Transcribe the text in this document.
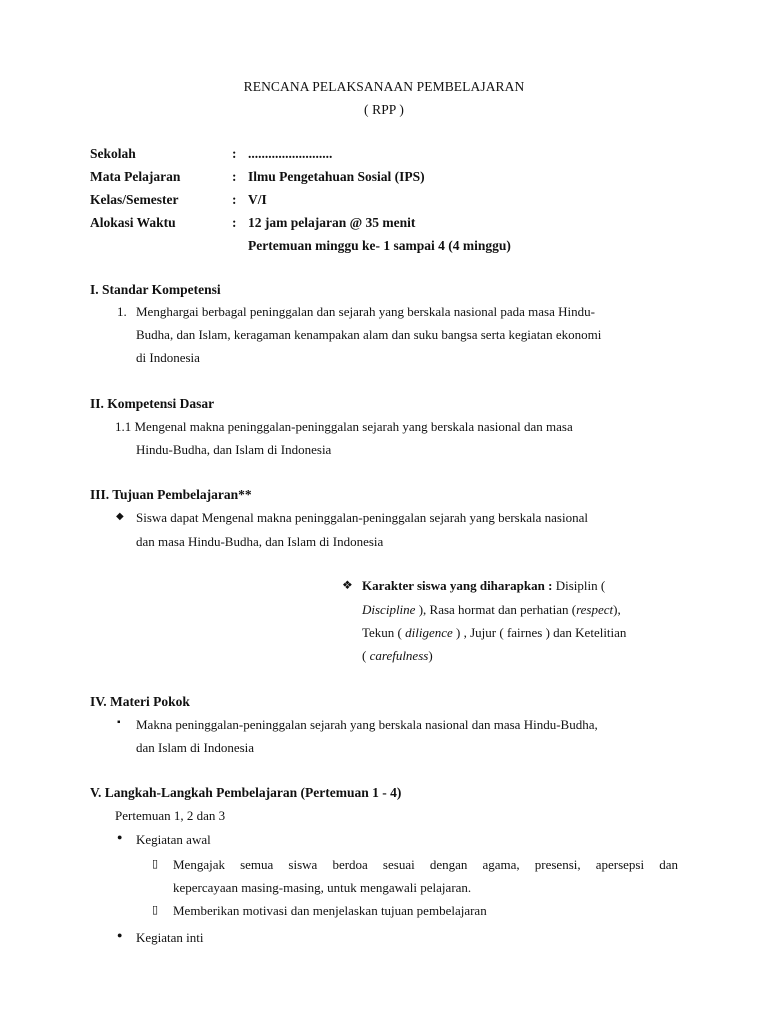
RENCANA PELAKSANAAN PEMBELAJARAN
( RPP )
Sekolah	: .........................
Mata Pelajaran	: Ilmu Pengetahuan Sosial (IPS)
Kelas/Semester	: V/I
Alokasi Waktu	: 12 jam pelajaran @ 35 menit
Pertemuan minggu ke- 1 sampai 4 (4 minggu)
I. Standar Kompetensi
1. Menghargai berbagal peninggalan dan sejarah yang berskala nasional pada masa Hindu-
Budha, dan Islam, keragaman kenampakan alam dan suku bangsa serta kegiatan ekonomi
di Indonesia
II. Kompetensi Dasar
1.1 Mengenal makna peninggalan-peninggalan sejarah yang berskala nasional dan masa
Hindu-Budha, dan Islam di Indonesia
III. Tujuan Pembelajaran**
◆ Siswa dapat Mengenal makna peninggalan-peninggalan sejarah yang berskala nasional
dan masa Hindu-Budha, dan Islam di Indonesia
❖ Karakter siswa yang diharapkan : Disiplin (
Discipline ), Rasa hormat dan perhatian (respect),
Tekun ( diligence ) , Jujur ( fairnes ) dan Ketelitian
( carefulness)
IV. Materi Pokok
▪ Makna peninggalan-peninggalan sejarah yang berskala nasional dan masa Hindu-Budha,
dan Islam di Indonesia
V. Langkah-Langkah Pembelajaran (Pertemuan 1 - 4)
Pertemuan 1, 2 dan 3
● Kegiatan awal
▯ Mengajak semua siswa berdoa sesuai dengan agama, presensi, apersepsi dan
kepercayaan masing-masing, untuk mengawali pelajaran.
▯ Memberikan motivasi dan menjelaskan tujuan pembelajaran
● Kegiatan inti
